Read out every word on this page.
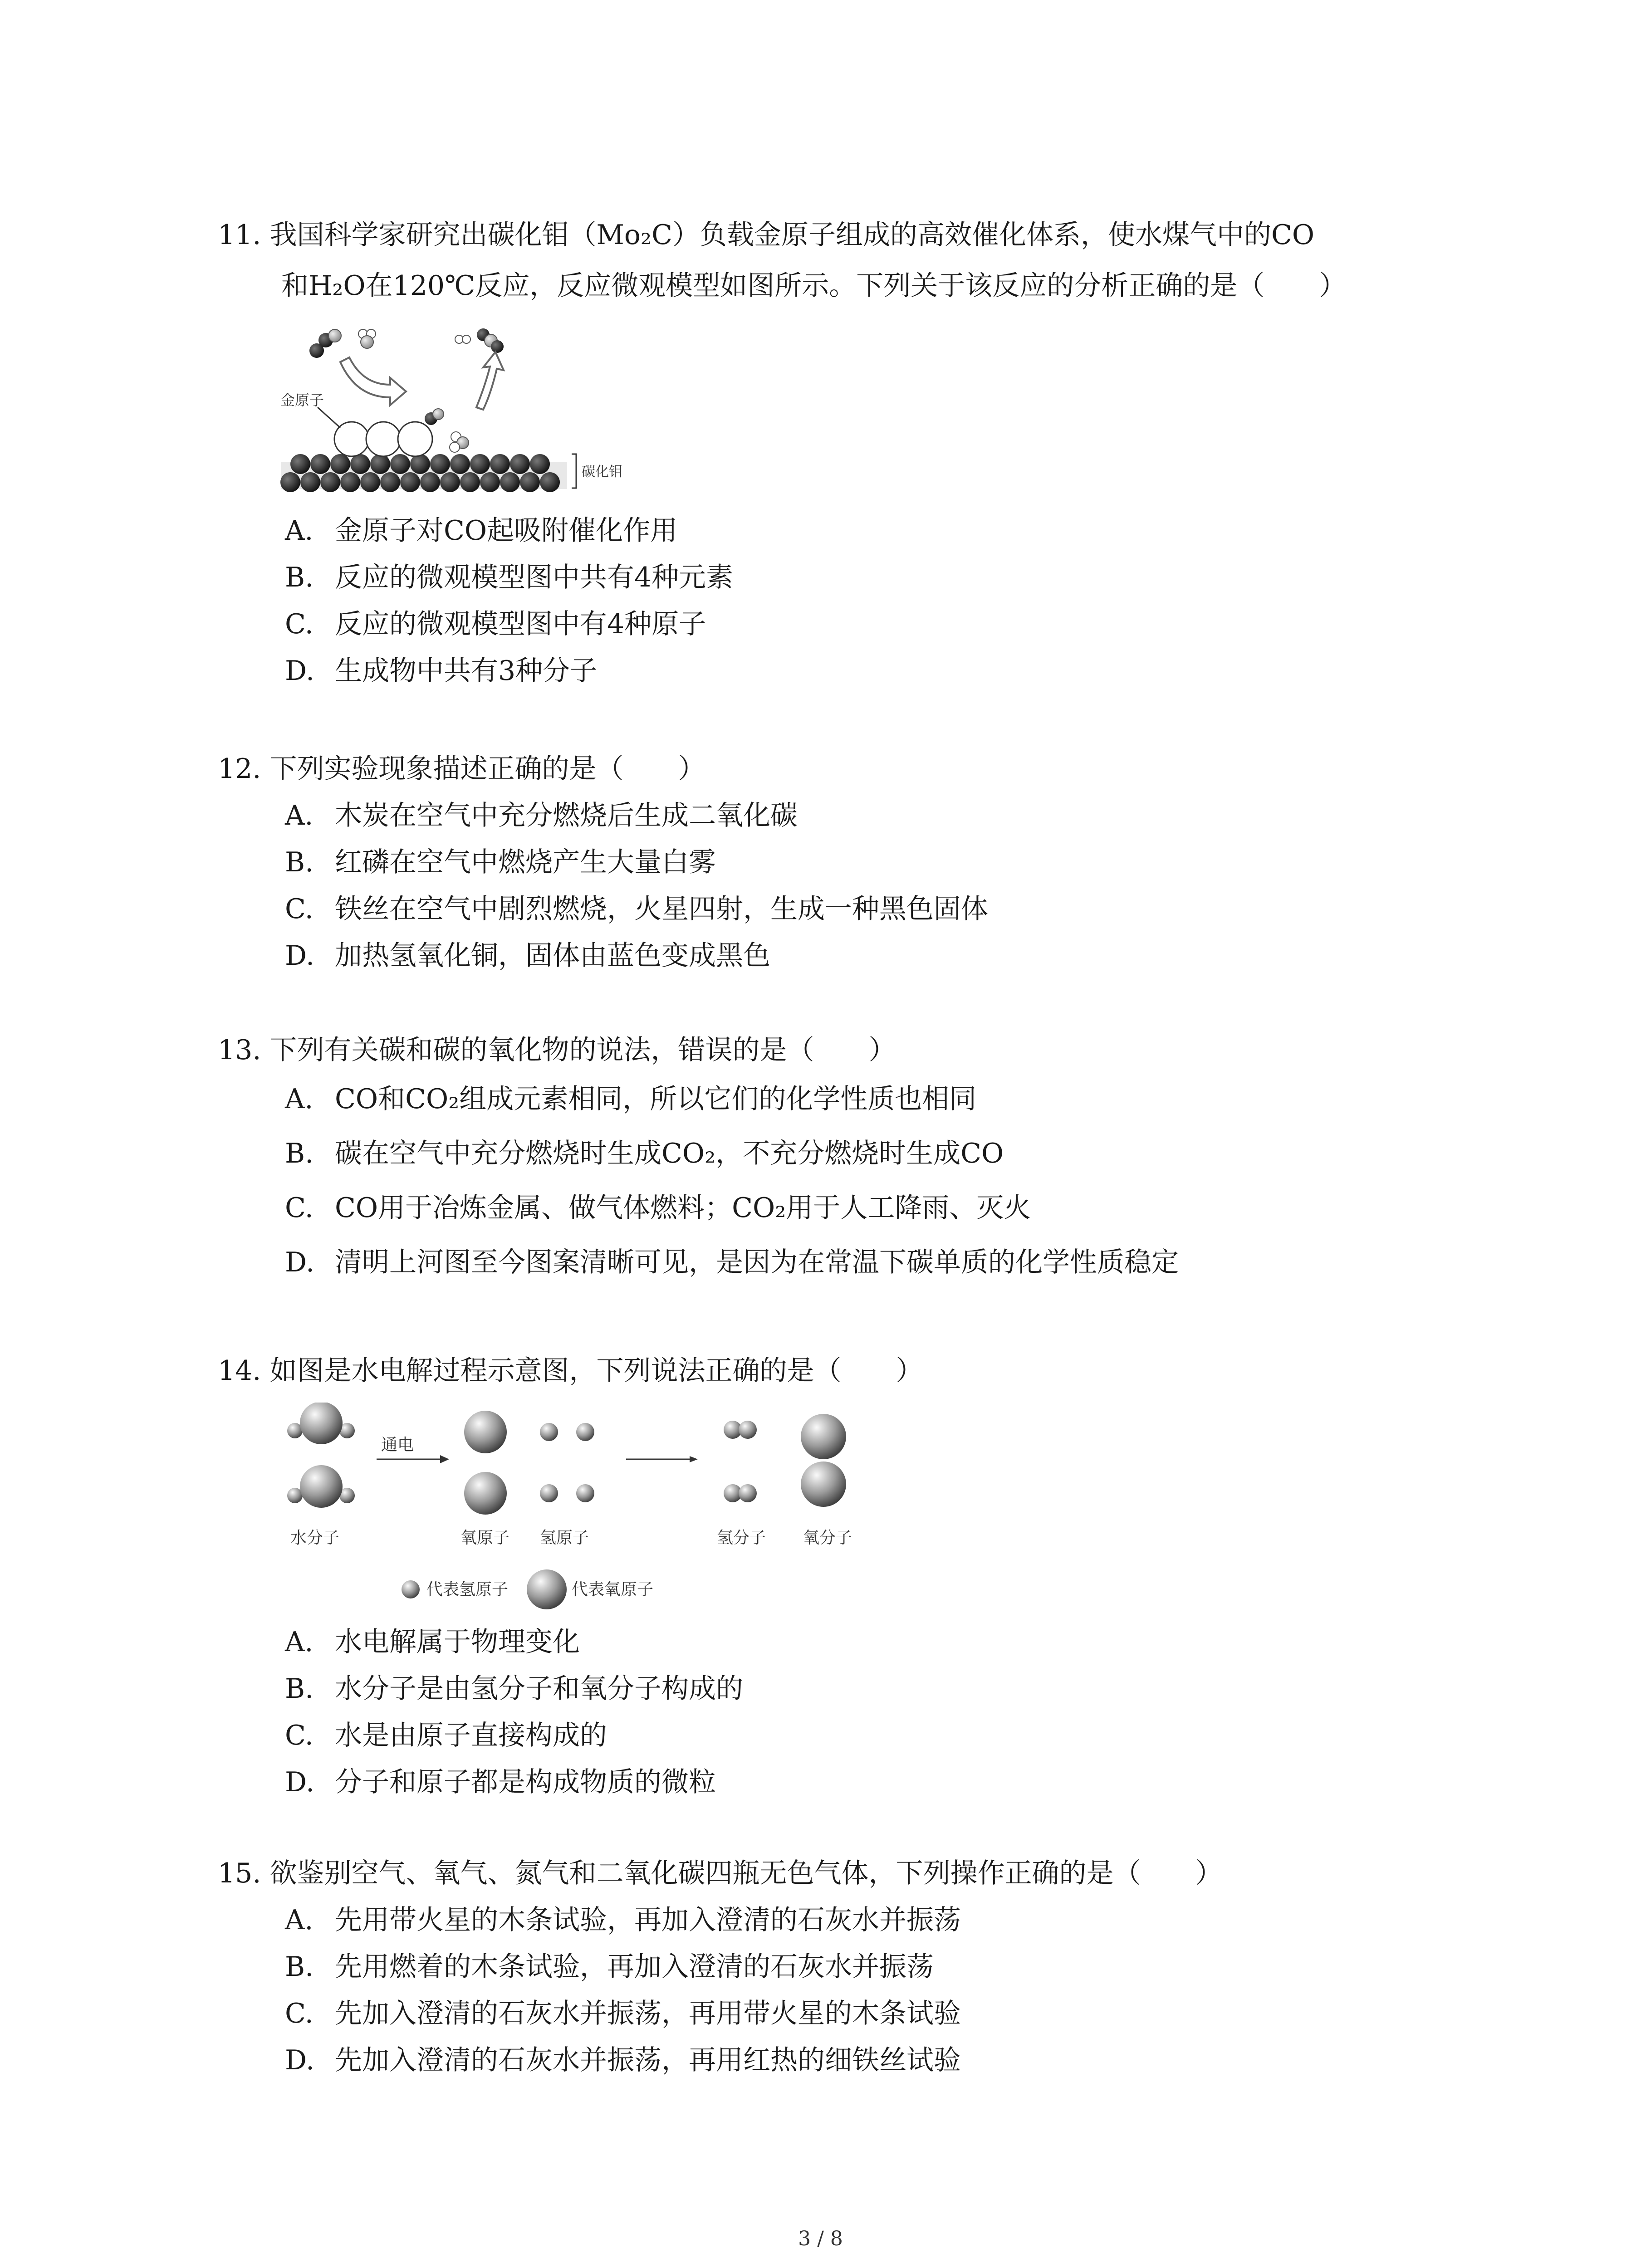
11. 我国科学家研究出碳化钼（Mo₂C）负载金原子组成的高效催化体系，使水煤气中的CO
和H₂O在120℃反应，反应微观模型如图所示。下列关于该反应的分析正确的是（　　）
金原子
碳化钼
A. 金原子对CO起吸附催化作用
B. 反应的微观模型图中共有4种元素
C. 反应的微观模型图中有4种原子
D. 生成物中共有3种分子
12. 下列实验现象描述正确的是（　　）
A. 木炭在空气中充分燃烧后生成二氧化碳
B. 红磷在空气中燃烧产生大量白雾
C. 铁丝在空气中剧烈燃烧，火星四射，生成一种黑色固体
D. 加热氢氧化铜，固体由蓝色变成黑色
13. 下列有关碳和碳的氧化物的说法，错误的是（　　）
A. CO和CO₂组成元素相同，所以它们的化学性质也相同
B. 碳在空气中充分燃烧时生成CO₂，不充分燃烧时生成CO
C. CO用于冶炼金属、做气体燃料；CO₂用于人工降雨、灭火
D. 清明上河图至今图案清晰可见，是因为在常温下碳单质的化学性质稳定
14. 如图是水电解过程示意图，下列说法正确的是（　　）
通电
水分子	氧原子 氢原子	氢分子 氧分子
代表氢原子	代表氧原子
A. 水电解属于物理变化
B. 水分子是由氢分子和氧分子构成的
C. 水是由原子直接构成的
D. 分子和原子都是构成物质的微粒
15. 欲鉴别空气、氧气、氮气和二氧化碳四瓶无色气体，下列操作正确的是（　　）
A. 先用带火星的木条试验，再加入澄清的石灰水并振荡
B. 先用燃着的木条试验，再加入澄清的石灰水并振荡
C. 先加入澄清的石灰水并振荡，再用带火星的木条试验
D. 先加入澄清的石灰水并振荡，再用红热的细铁丝试验
3 / 8
